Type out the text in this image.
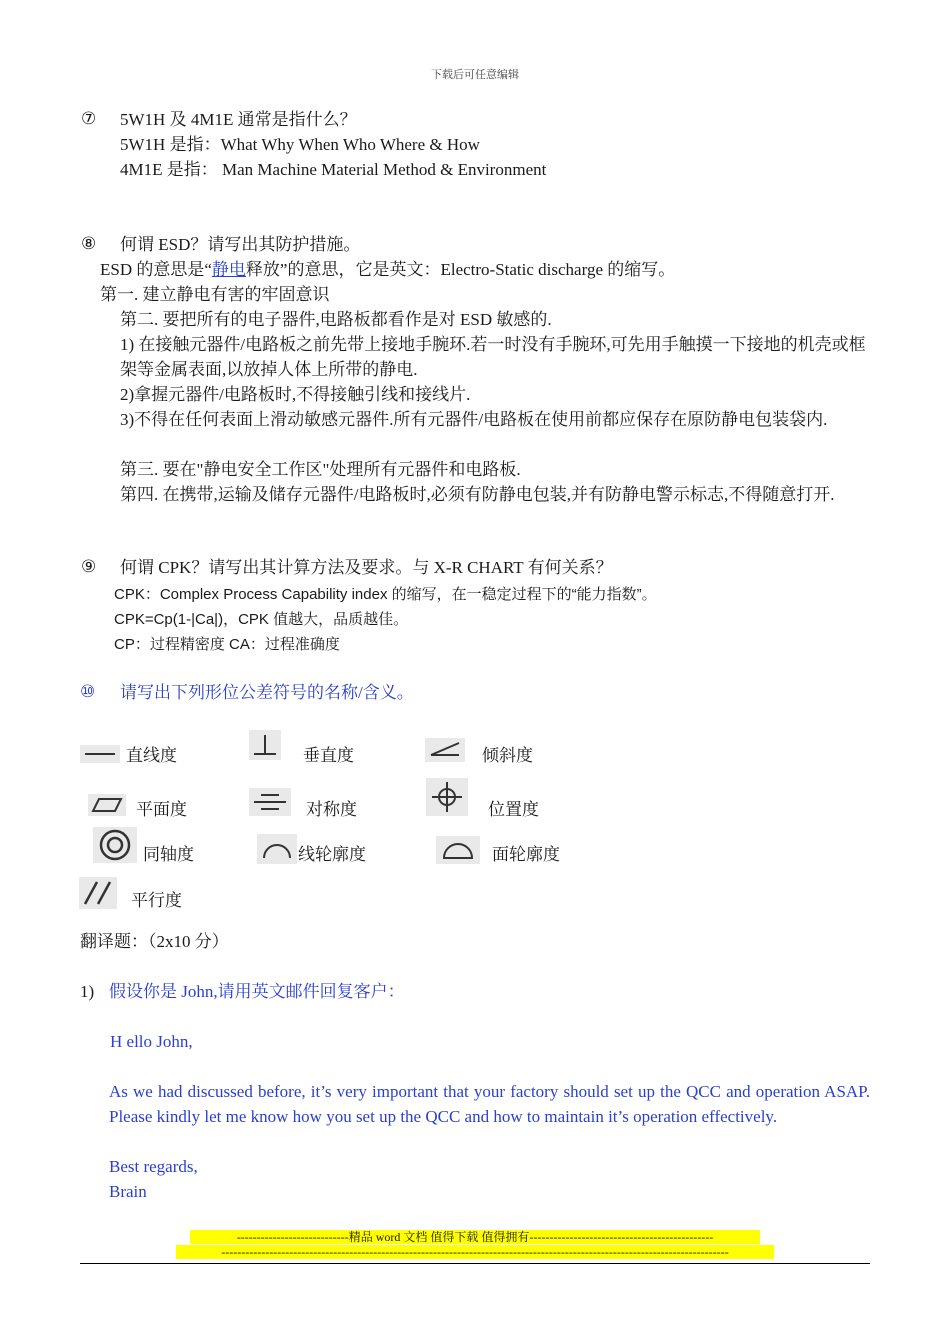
下载后可任意编辑
⑦ 5W1H 及 4M1E 通常是指什么？
5W1H 是指：What Why When Who Where & How
4M1E 是指： Man Machine Material Method & Environment
⑧ 何谓 ESD？请写出其防护措施。
ESD 的意思是“静电释放”的意思，它是英文：Electro-Static discharge 的缩写。
第一. 建立静电有害的牢固意识
第二. 要把所有的电子器件,电路板都看作是对 ESD 敏感的.
1) 在接触元器件/电路板之前先带上接地手腕环.若一时没有手腕环,可先用手触摸一下接地的机壳或框架等金属表面,以放掉人体上所带的静电.
2)拿握元器件/电路板时,不得接触引线和接线片.
3)不得在任何表面上滑动敏感元器件.所有元器件/电路板在使用前都应保存在原防静电包装袋内.
第三. 要在"静电安全工作区"处理所有元器件和电路板.
第四. 在携带,运输及储存元器件/电路板时,必须有防静电包装,并有防静电警示标志,不得随意打开.
⑨ 何谓 CPK？请写出其计算方法及要求。与 X-R CHART 有何关系？
CPK：Complex Process Capability index 的缩写，在一稳定过程下的“能力指数”。
CPK=Cp(1-|Ca|)，CPK 值越大，品质越佳。
CP：过程精密度 CA：过程准确度
⑩ 请写出下列形位公差符号的名称/含义。
直线度	垂直度	倾斜度
平面度	对称度	位置度
同轴度	线轮廓度	面轮廓度
平行度
翻译题：（2x10 分）
1) 假设你是 John,请用英文邮件回复客户：
H ello John,
As we had discussed before, it’s very important that your factory should set up the QCC and operation ASAP. Please kindly let me know how you set up the QCC and how to maintain it’s operation effectively.
Best regards,
Brain
----------------------------精品 word 文档 值得下载 值得拥有----------------------------------------------
-------------------------------------------------------------------------------------------------------------------------------
